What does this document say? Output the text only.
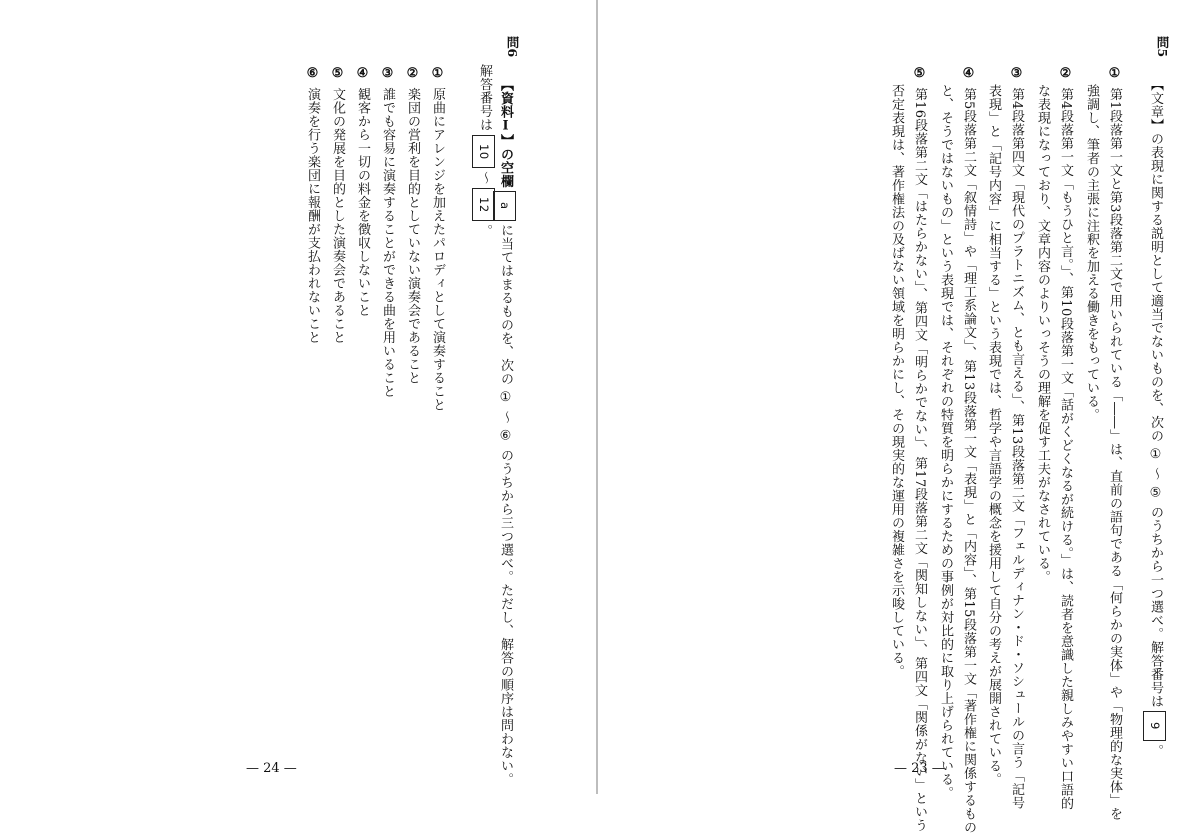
問6
【資料Ⅰ】の空欄aに当てはまるものを、次の ① ～ ⑥ のうちから三つ選べ。ただし、解答の順序は問わない。
解答番号は10～12。
①原曲にアレンジを加えたパロディとして演奏すること
②楽団の営利を目的としていない演奏会であること
③誰でも容易に演奏することができる曲を用いること
④観客から一切の料金を徴収しないこと
⑤文化の発展を目的とした演奏会であること
⑥演奏を行う楽団に報酬が支払われないこと
— 24 —
問5
【文章】の表現に関する説明として適当でないものを、次の ① ～ ⑤ のうちから一つ選べ。解答番号は9。
①第1段落第一文と第3段落第二文で用いられている「――」は、直前の語句である「何らかの実体」や「物理的な実体」を
強調し、筆者の主張に注釈を加える働きをもっている。
②第4段落第一文「もうひと言。」、第10段落第一文「話がくどくなるが続ける。」は、読者を意識した親しみやすい口語的
な表現になっており、文章内容のよりいっそうの理解を促す工夫がなされている。
③第4段落第四文「現代のプラトニズム、とも言える」、第13段落第二文「フェルディナン・ド・ソシュールの言う「記号
表現」と「記号内容」に相当する」という表現では、哲学や言語学の概念を援用して自分の考えが展開されている。
④第5段落第二文「叙情詩」や「理工系論文」、第13段落第一文「表現」と「内容」、第15段落第一文「著作権に関係するもの
と、そうではないもの」という表現では、それぞれの特質を明らかにするための事例が対比的に取り上げられている。
⑤第16段落第二文「はたらかない」、第四文「明らかでない」、第17段落第二文「関知しない」、第四文「関係がない」という
否定表現は、著作権法の及ばない領域を明らかにし、その現実的な運用の複雑さを示唆している。
— 23 —
